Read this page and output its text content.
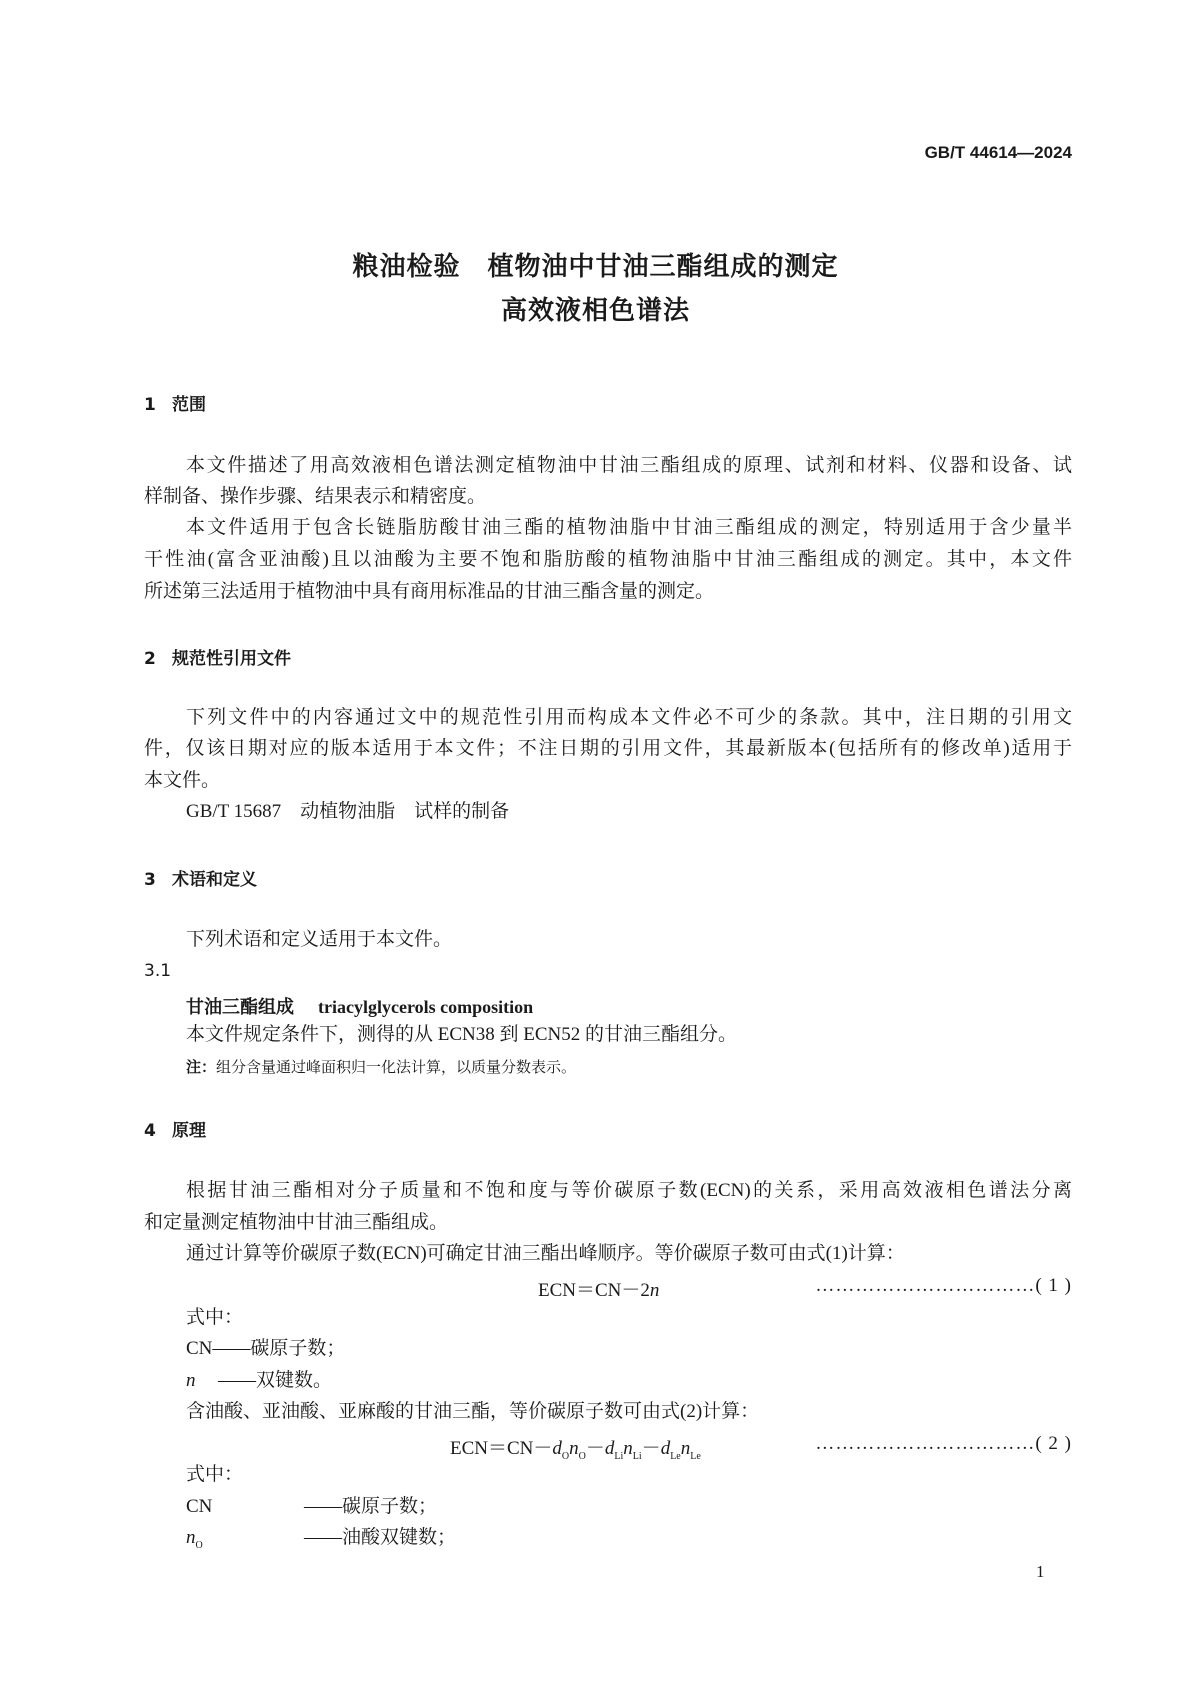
GB/T 44614—2024
粮油检验　植物油中甘油三酯组成的测定
高效液相色谱法
1 范围
本文件描述了用高效液相色谱法测定植物油中甘油三酯组成的原理、试剂和材料、仪器和设备、试
样制备、操作步骤、结果表示和精密度。
本文件适用于包含长链脂肪酸甘油三酯的植物油脂中甘油三酯组成的测定，特别适用于含少量半
干性油(富含亚油酸)且以油酸为主要不饱和脂肪酸的植物油脂中甘油三酯组成的测定。其中，本文件
所述第三法适用于植物油中具有商用标准品的甘油三酯含量的测定。
2 规范性引用文件
下列文件中的内容通过文中的规范性引用而构成本文件必不可少的条款。其中，注日期的引用文
件，仅该日期对应的版本适用于本文件；不注日期的引用文件，其最新版本(包括所有的修改单)适用于
本文件。
GB/T 15687　动植物油脂　试样的制备
3 术语和定义
下列术语和定义适用于本文件。
3.1
甘油三酯组成 triacylglycerols composition
本文件规定条件下，测得的从 ECN38 到 ECN52 的甘油三酯组分。
注：组分含量通过峰面积归一化法计算，以质量分数表示。
4 原理
根据甘油三酯相对分子质量和不饱和度与等价碳原子数(ECN)的关系，采用高效液相色谱法分离
和定量测定植物油中甘油三酯组成。
通过计算等价碳原子数(ECN)可确定甘油三酯出峰顺序。等价碳原子数可由式(1)计算：
ECN＝CN－2n	……………………………( 1 )
式中：
CN——碳原子数；
n ——双键数。
含油酸、亚油酸、亚麻酸的甘油三酯，等价碳原子数可由式(2)计算：
$ECN=CN-d_On_O-d_{Li}n_{Li}-d_{Le}n_{Le}$
……………………………( 2 )
式中：
CN	——碳原子数；
$n_O$	——油酸双键数；
1
